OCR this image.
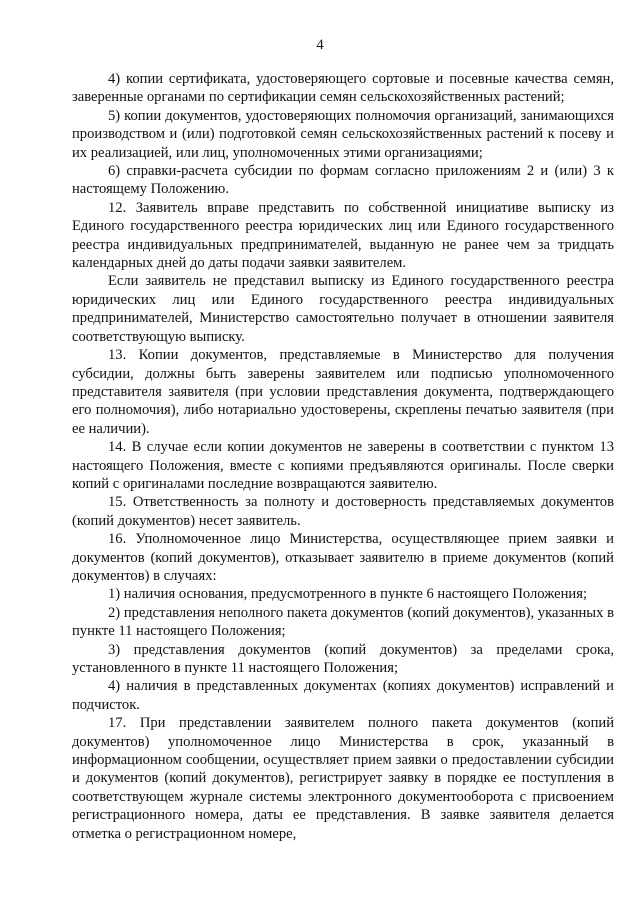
4

4) копии сертификата, удостоверяющего сортовые и посевные качества семян, заверенные органами по сертификации семян сельскохозяйственных растений;

5) копии документов, удостоверяющих полномочия организаций, занимающихся производством и (или) подготовкой семян сельскохозяйственных растений к посеву и их реализацией, или лиц, уполномоченных этими организациями;

6) справки-расчета субсидии по формам согласно приложениям 2 и (или) 3 к настоящему Положению.

12. Заявитель вправе представить по собственной инициативе выписку из Единого государственного реестра юридических лиц или Единого государственного реестра индивидуальных предпринимателей, выданную не ранее чем за тридцать календарных дней до даты подачи заявки заявителем.

Если заявитель не представил выписку из Единого государственного реестра юридических лиц или Единого государственного реестра индивидуальных предпринимателей, Министерство самостоятельно получает в отношении заявителя соответствующую выписку.

13. Копии документов, представляемые в Министерство для получения субсидии, должны быть заверены заявителем или подписью уполномоченного представителя заявителя (при условии представления документа, подтверждающего его полномочия), либо нотариально удостоверены, скреплены печатью заявителя (при ее наличии).

14. В случае если копии документов не заверены в соответствии с пунктом 13 настоящего Положения, вместе с копиями предъявляются оригиналы. После сверки копий с оригиналами последние возвращаются заявителю.

15. Ответственность за полноту и достоверность представляемых документов (копий документов) несет заявитель.

16. Уполномоченное лицо Министерства, осуществляющее прием заявки и документов (копий документов), отказывает заявителю в приеме документов (копий документов) в случаях:

1) наличия основания, предусмотренного в пункте 6 настоящего Положения;

2) представления неполного пакета документов (копий документов), указанных в пункте 11 настоящего Положения;

3) представления документов (копий документов) за пределами срока, установленного в пункте 11 настоящего Положения;

4) наличия в представленных документах (копиях документов) исправлений и подчисток.

17. При представлении заявителем полного пакета документов (копий документов) уполномоченное лицо Министерства в срок, указанный в информационном сообщении, осуществляет прием заявки о предоставлении субсидии и документов (копий документов), регистрирует заявку в порядке ее поступления в соответствующем журнале системы электронного документооборота с присвоением регистрационного номера, даты ее представления. В заявке заявителя делается отметка о регистрационном номере,
